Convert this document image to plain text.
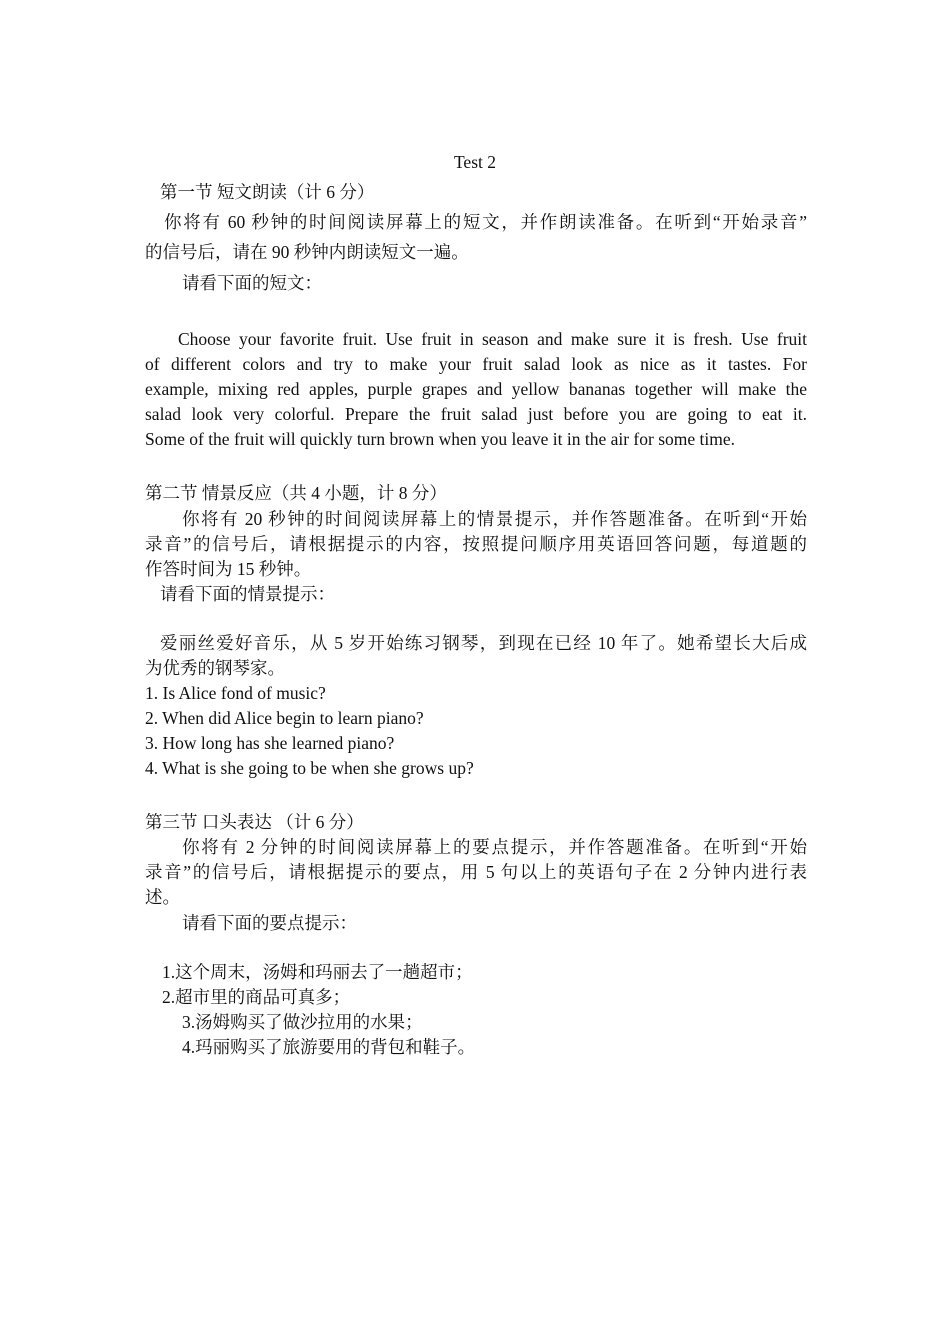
Test 2
第一节 短文朗读（计 6 分）
你将有 60 秒钟的时间阅读屏幕上的短文，并作朗读准备。在听到“开始录音”
的信号后，请在 90 秒钟内朗读短文一遍。
请看下面的短文：
Choose your favorite fruit. Use fruit in season and make sure it is fresh. Use fruit
of different colors and try to make your fruit salad look as nice as it tastes. For
example, mixing red apples, purple grapes and yellow bananas together will make the
salad look very colorful. Prepare the fruit salad just before you are going to eat it.
Some of the fruit will quickly turn brown when you leave it in the air for some time.
第二节 情景反应（共 4 小题，计 8 分）
你将有 20 秒钟的时间阅读屏幕上的情景提示，并作答题准备。在听到“开始
录音”的信号后，请根据提示的内容，按照提问顺序用英语回答问题，每道题的
作答时间为 15 秒钟。
请看下面的情景提示：
爱丽丝爱好音乐，从 5 岁开始练习钢琴，到现在已经 10 年了。她希望长大后成
为优秀的钢琴家。
1. Is Alice fond of music?
2. When did Alice begin to learn piano?
3. How long has she learned piano?
4. What is she going to be when she grows up?
第三节 口头表达 （计 6 分）
你将有 2 分钟的时间阅读屏幕上的要点提示，并作答题准备。在听到“开始
录音”的信号后，请根据提示的要点，用 5 句以上的英语句子在 2 分钟内进行表
述。
请看下面的要点提示：
1.这个周末，汤姆和玛丽去了一趟超市；
2.超市里的商品可真多；
3.汤姆购买了做沙拉用的水果；
4.玛丽购买了旅游要用的背包和鞋子。
